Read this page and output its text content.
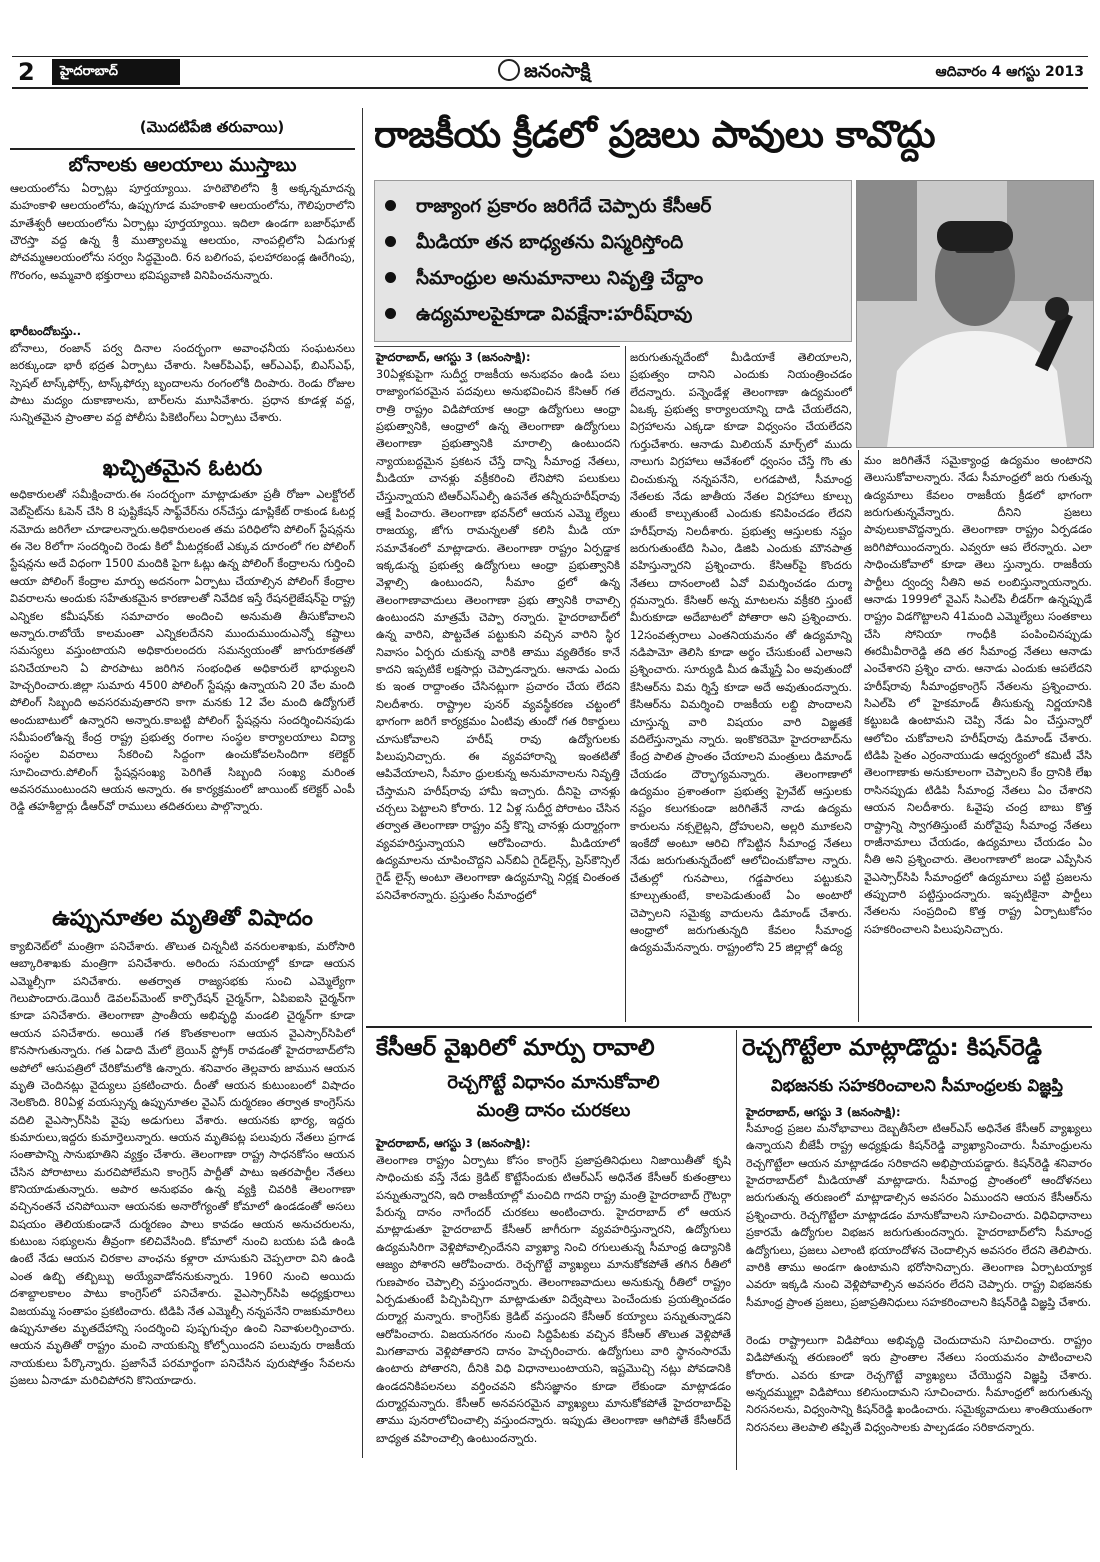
2	హైదరాబాద్	జనంసాక్షి	ఆదివారం 4 ఆగస్టు 2013
(మొదటిపేజి తరువాయి)
బోనాలకు ఆలయాలు ముస్తాబు
ఆలయంలోను ఏర్పాట్లు పూర్తయ్యాయి. హరిబౌలిలోని శ్రీ అక్కన్నమాదన్న మహంకాళి ఆలయంలోను, ఉప్పుగూడ మహంకాళి ఆలయంలోను, గౌలిపురాలోని మాతేశ్వరీ ఆలయంలోను ఏర్పాట్లు పూర్తయ్యాయి. ఇదిలా ఉండగా బజార్‌ఘాట్ చౌరస్తా వద్ద ఉన్న శ్రీ ముత్యాలమ్మ ఆలయం, నాంపల్లిలోని ఏడుగుళ్ల పోచమ్మఆలయంలోను సర్వం సిద్ధమైంది. 6న బలిగంప, ఫలహారబండ్ల ఊరేగింపు, గొరంగం, అమ్మవారి భక్తురాలు భవిష్యవాణి వినిపించనున్నారు.
భారీబందోబస్తు..
బోనాలు, రంజాన్ పర్వ దినాల సందర్భంగా అవాంఛనీయ సంఘటనలు జరక్కుండా భారీ భద్రత ఏర్పాటు చేశారు. సిఆర్‌పిఎఫ్, ఆర్ఎఎఫ్, బిఎస్ఎఫ్, స్పెషల్ టాస్క్‌ఫోర్స్, టాస్క్‌ఫోర్సు బృందాలను రంగంలోకి దింపారు. రెండు రోజుల పాటు మద్యం దుకాణాలను, బార్‌లను మూసివేశారు. ప్రధాన కూడళ్ల వద్ద, సున్నితమైన ప్రాంతాల వద్ద పోలీసు పికెటింగ్‌లు ఏర్పాటు చేశారు.
ఖచ్చితమైన ఓటరు
అధికారులతో సమీక్షించారు.ఈ సందర్భంగా మాట్లాడుతూ ప్రతీ రోజూ ఎలక్టోరల్ వెబ్‌సైట్‌ను ఓపెన్ చేసి 8 పుష్టికేషన్ సాఫ్ట్‌వేర్‌ను రన్‌చేస్తు డూప్లికేట్ రాకుండ ఓటర్ల నమోదు జరిగేలా చూడాలన్నారు.అధికారులంత తమ పరిధిలోని పోలింగ్ స్టేషన్లను ఈ నెల 8లోగా సందర్శించి రెండు కిలో మీటర్లకంటే ఎక్కువ దూరంలో గల పోలింగ్ స్టేషన్లను అదే విధంగా 1500 మందికి పైగా ఓట్లు ఉన్న పోలింగ్ కేంద్రాలను గుర్తించి ఆయా పోలింగ్ కేంద్రాల మార్పు అదనంగా ఏర్పాటు చేయాల్సిన పోలింగ్ కేంద్రాల వివరాలను అందుకు సహేతుకమైన కారణాలతో నివేదిక ఇస్తే రేషనలైజేషన్‌పై రాష్ట్ర ఎన్నికల కమీషన్‌కు సమాచారం అందించి అనుమతి తీసుకోవాలని అన్నారు.రాబోయే కాలమంతా ఎన్నికలదేనని ముందుముందుఎన్నో కష్టాలు సమస్యలు వస్తుంటాయని అధికారులందరు సమన్వయంతో జాగురూకతతో పనిచేయాలని ఏ పొరపాటు జరిగిన సంభంధిత అధికారులే భాధ్యులని హెచ్చరించారు.జిల్లా సుమారు 4500 పోలింగ్ స్టేషన్లు ఉన్నాయని 20 వేల మంది పోలింగ్ సిబ్బంది అవసరమవుతారని కాగా మనకు 12 వేల మంది ఉద్యోగులే అందుబాటులో ఉన్నారని అన్నారు.కాబట్టి పోలింగ్ స్టేషన్లను సందర్శించినపుడు సమీపంలోఉన్న కేంద్ర రాష్ట్ర ప్రభుత్వ రంగాల సంస్థల కార్యాలయాలు విద్యా సంస్థల వివరాలు సేకరించి సిద్దంగా ఉంచుకోవలసిందిగా కలెక్టర్ సూచించారు.పోలింగ్ స్టేషన్లసంఖ్య పెరిగితే సిబ్బంది సంఖ్య మరింత అవసరముంటుందని ఆయన అన్నారు. ఈ కార్యక్రమంలో జాయింట్ కలెక్టర్ ఎంపీ రెడ్డి తహశీల్దార్లు డీఆర్‌వో రాములు తదితరులు పాల్గొన్నారు.
ఉప్పునూతల మృతితో విషాదం
క్యాబినెట్‌లో మంత్రిగా పనిచేశారు. తొలుత చిన్ననీటి వనరులశాఖకు, మరోసారి ఆబ్కారిశాఖకు మంత్రిగా పనిచేశారు. అరిందు సమయాల్లో కూడా ఆయన ఎమ్మెల్సీగా పనిచేశారు. అతర్వాత రాజ్యసభకు సుంచి ఎమ్మెల్యేగా గెలుపొందారు.డెయిరీ డెవలప్‌మెంట్ కార్పొరేషన్ చైర్మన్‌గా, ఏపిఐఐసి చైర్మన్‌గా కూడా పనిచేశారు. తెలంగాణా ప్రాంతీయ అభివృద్ధి మండలి చైర్మన్‌గా కూడా ఆయన పనిచేశారు. అయితే గత కొంతకాలంగా ఆయన వైఎస్సార్‌సిపిలో కొనసాగుతున్నారు. గత ఏడాది మేలో బ్రెయిన్ స్ట్రోక్ రావడంతో హైదరాబాద్‌లోని అపోలో ఆసుపత్రిలో చేరికోమలోకి ఉన్నారు. శనివారం తెల్లవారు జామున ఆయన మృతి చెందినట్లు వైద్యులు ప్రకటించారు. దీంతో ఆయన కుటుంబంలో విషాదం నెలకొంది. 80ఏళ్ల వయస్సున్న ఉప్పునూతల వైఎస్ దుర్మరణం తర్వాత కాంగ్రెస్‌ను వదిలి వైఎస్సార్‌సిపి వైపు అడుగులు వేశారు. ఆయనకు భార్య, ఇద్దరు కుమారులు,ఇద్దరు కుమార్తెలున్నారు. ఆయన మృతిపట్ల పలువురు నేతలు ప్రగాడ సంతాపాన్ని సానుభూతిని వ్యక్తం చేశారు. తెలంగాణా రాష్ట్ర సాధనకోసం ఆయన చేసిన పోరాటాలు మరచిపోలేమని కాంగ్రెస్ పార్టీతో పాటు ఇతరపార్టీల నేతలు కొనియాడుతున్నారు. అపార అనుభవం ఉన్న వ్యక్తి చివరికి తెలంగాణా వచ్చినంతనే చనిపోయినా ఆయనకు అనారోగ్యంతో కోమాలో ఉండడంతో అసలు విషయం తెలియకుండానే దుర్మరణం పాలు కావడం ఆయన అనుచరులను, కుటుంబ సభ్యులను తీవ్రంగా కలిచివేసింది. కోమాలో నుంచి బయట పడి ఉండి ఉంటే నేడు ఆయన చిరకాల వాంఛను కళ్లారా చూసుకుని చెప్పలారా విని ఉండి ఎంత ఉబ్బి తబ్బిబ్బు అయ్యేవాడోననుకున్నారు. 1960 నుంచి అయిదు దశాబ్దాలకాలం పాటు కాంగ్రెస్‌లో పనిచేశారు. వైఎస్సార్‌సిపి అధ్యక్షురాలు విజయమ్మ సంతాపం ప్రకటించారు. టిడిపి నేత ఎమ్మెల్సీ నన్నపనేని రాజకుమారిలు ఉప్పునూతల మృతదేహాన్ని సందర్శించి పుష్పగుచ్ఛం ఉంచి నివాళులర్పించారు. ఆయన మృతితో రాష్ట్రం మంచి నాయకున్ని కోల్పోయిందని పలువురు రాజకీయ నాయకులు పేర్కొన్నారు. ప్రజాసేవే పరమార్థంగా పనిచేసిన పురుషోత్తం సేవలను ప్రజలు ఏనాడూ మరిచిపోరని కొనియాడారు.
రాజకీయ క్రీడలో ప్రజలు పావులు కావొద్దు
రాజ్యాంగ ప్రకారం జరిగేదే చెప్పారు కేసీఆర్
మీడియా తన బాధ్యతను విస్మరిస్తోంది
సీమాంధ్రుల అనుమానాలు నివృత్తి చేద్దాం
ఉద్యమాలపైకూడా వివక్షేనా:హరీష్‌రావు
హైదరాబాద్, ఆగస్టు 3 (జనంసాక్షి):
30ఏళ్లకుపైగా సుదీర్ఘ రాజకీయ అనుభవం ఉండి పలు రాజ్యాంగపరమైన పదవులు అనుభవించిన కేసిఆర్ గత రాత్రి రాష్ట్రం విడిపోయాక ఆంధ్రా ఉద్యోగులు ఆంధ్రా ప్రభుత్వానికి, ఆంధ్రాలో ఉన్న తెలంగాణా ఉద్యోగులు తెలంగాణా ప్రభుత్వానికి మారాల్సి ఉంటుందని న్యాయబద్దమైన ప్రకటన చేస్తే దాన్ని సీమాంధ్ర నేతలు, మీడియా చానళ్లు వక్రీకరించి లేనిపోని పలుకులు చేస్తున్నాయని టిఆర్ఎస్ఎల్పీ ఉపనేత తన్నీరుహరీష్‌రావు ఆక్షే పించారు. తెలంగాణా భవన్‌లో ఆయన ఎమ్మె ల్యేలు రాజయ్య, జోగు రామన్నలతో కలిసి మీడి యా సమావేశంలో మాట్లాడారు. తెలంగాణా రాష్ట్రం ఏర్పడ్డాక ఇక్కడున్న ప్రభుత్వ ఉద్యోగులు ఆంధ్రా ప్రభుత్వానికి వెళ్లాల్సి ఉంటుందని, సీమాం ధ్రలో ఉన్న తెలంగాణావాదులు తెలంగాణా ప్రభు త్వానికి రావాల్సి ఉంటుందని మాత్రమే చెప్పా రన్నారు. హైదరాబాద్‌లో ఉన్న వారిని, పొట్టచేత పట్టుకుని వచ్చిన వారిని స్థిర నివాసం ఏర్పరు చుకున్న వారికి తాము వ్యతిరేకం కానే కాదని ఇప్పటికే లక్షసార్లు చెప్పాడన్నారు. ఆనాడు ఎందు కు ఇంత రాద్దాంతం చేసినట్లుగా ప్రచారం చేయ లేదని నిలదీశారు. రాష్ట్రాల పునర్ వ్యవస్థీకరణ చట్టంలో భాగంగా జరిగే కార్యక్రమం ఏంటివు తుందో గత రికార్డులు చూసుకోవాలని హరీష్ రావు ఉద్యోగులకు పిలుపునిచ్చారు. ఈ వ్యవహారాన్ని ఇంతటితో ఆపివేయాలని, సీమాం ధ్రులకున్న అనుమానాలను నివృత్తి చేస్తామని హరీష్‌రావు హామీ ఇచ్చారు. దీనిపై చానళ్లు చర్చలు పెట్టాలని కోరారు. 12 ఏళ్ల సుదీర్ఘ పోరాటం చేసిన తర్వాత తెలంగాణా రాష్ట్రం వస్తే కొన్ని చానళ్లు దుర్మార్గంగా వ్యవహరిస్తున్నాయని ఆరోపించారు. మీడియాలో ఉద్యమాలను చూపించొద్దని ఎన్‌బిఏ గైడ్‌లైన్స్, ప్రెస్‌కౌన్సిల్ గైడ్ లైన్స్ అంటూ తెలంగాణా ఉద్యమాన్ని నిర్లక్ష చింతంత పనిచేశారన్నారు. ప్రస్తుతం సీమాంధ్రలో
జరుగుతున్నదేంటో మీడియాకే తెలియాలని, ప్రభుత్వం దానిని ఎందుకు నియంత్రించడం లేదన్నారు. పన్నెండేళ్ల తెలంగాణా ఉద్యమంలో ఏఒక్క ప్రభుత్వ కార్యాలయాన్ని దాడి చేయలేదని, విగ్రహాలను ఎక్కడా కూడా విధ్వంసం చేయలేదని గుర్తుచేశారు. ఆనాడు మిలియన్ మార్చ్‌లో ముదు నాలుగు విగ్రహాలు ఆవేశంలో ధ్వంసం చేస్తే గొం తు చించుకున్న నన్నపనేని, లగడపాటి, సీమాంధ్ర నేతలకు నేడు జాతీయ నేతల విగ్రహాలు కూల్చు తుంటే కాల్చుతుంటే ఎందుకు కనిపించడం లేదని హరీష్‌రావు నిలదీశారు. ప్రభుత్వ ఆస్తులకు నష్టం జరుగుతుంటేది సిఎం, డిజిపి ఎందుకు మౌనపాత్ర వహిస్తున్నారని ప్రశ్నించారు. కేసిఆర్‌పై కొందరు నేతలు దానంలాంటి ఏవో విమర్శించడం దుర్మా ర్గమన్నారు. కేసిఆర్ అన్న మాటలను వక్రీకరి స్తుంటే మీరుకూడా అదేబాటలో పోతారా అని ప్రశ్నించారు. 12సంవత్సరాలు ఎంతనియమనం తో ఉద్యమాన్ని నడిపామో తెలిసి కూడా అర్థం చేసుకుంటే ఎలాఅని ప్రశ్నించారు. సూర్యుడి మీద ఉమ్మేస్తే ఏం అవుతుందో కేసిఆర్‌ను విమ ర్శిస్తే కూడా అదే అవుతుందన్నారు. కేసిఆర్‌ను విమర్శించి రాజకీయ లబ్ది పొందాలని చూస్తున్న వారి విషయం వారి విజ్ఞతకే వదిలేస్తున్నామ న్నారు. ఇంకొకరెమో హైదరాబాద్‌ను కేంద్ర పాలిత ప్రాంతం చేయాలని మంత్రులు డిమాండ్ చేయడం దౌర్భాగ్యమన్నారు. తెలంగాణాలో ఉద్యమం ప్రశాంతంగా ప్రభుత్వ ప్రైవేట్ ఆస్తులకు నష్టం కలుగకుండా జరిగితేనే నాడు ఉద్యమ కారులను నక్సలైట్లని, ద్రోహులని, అల్లరి మూకలని ఇంకేదో అంటూ ఆరిచి గోపెట్టిన సీమాంధ్ర నేతలు నేడు జరుగుతున్నదేంటో ఆలోచించుకోవాల న్నారు. చేతుల్లో గునపాలు, గడ్డపారలు పట్టుకుని కూల్చుతుంటే, కాలపెడుతుంటే ఏం అంటారో చెప్పాలని సమైక్య వాదులను డిమాండ్ చేశారు. ఆంధ్రాలో జరుగుతున్నది కేవలం సీమాంధ్ర ఉద్యమమేనన్నారు. రాష్ట్రంలోని 25 జిల్లాల్లో ఉద్య
మం జరిగితేనే సమైక్యాంధ్ర ఉద్యమం అంటారని తెలుసుకోవాలన్నారు. నేడు సీమాంధ్రలో జరు గుతున్న ఉద్యమాలు కేవలం రాజకీయ క్రీడలో భాగంగా జరుగుతున్నవేన్నారు. దీనిని ప్రజలు పావులుకావొద్దన్నారు. తెలంగాణా రాష్ట్రం ఏర్పడడం జరిగిపోయిందన్నారు. ఎవ్వరూ ఆప లేరన్నారు. ఎలా సాధించుకోవాలో కూడా తెలు స్తున్నారు. రాజకీయ పార్టీలు ద్వంద్వ నీతిని అవ లంబిస్తున్నాయన్నారు. ఆనాడు 1999లో వైఎస్ సిఎల్‌పి లీడర్‌గా ఉన్నప్పుడే రాష్ట్రం విడగొట్టాలని 41మంది ఎమ్మెల్యేలు సంతకాలు చేసి సోనియా గాంధీకి పంపించినప్పుడు ఈరమీవీరారెడ్డి తది తర సీమాంధ్ర నేతలు ఆనాడు ఎంచేశారని ప్రశ్నిం చారు. ఆనాడు ఎందుకు ఆపలేదని హరీష్‌రావు సీమాంధ్రకాంగ్రెస్ నేతలను ప్రశ్నించారు. సిఎల్‌పి లో హైకమాండ్ తీసుకున్న నిర్ణయానికి కట్టుబడి ఉంటామని చెప్పి నేడు ఏం చేస్తున్నారో ఆలోచిం చుకోవాలని హరీష్‌రావు డిమాండ్ చేశారు. టిడిపి సైతం ఎర్రంనాయుడు ఆధ్వర్యంలో కమిటీ వేసి తెలంగాణాకు అనుకూలంగా చెప్పాలని కేం ద్రానికి లేఖ రాసినప్పుడు టిడిపి సీమాంధ్ర నేతలు ఏం చేశారని ఆయన నిలదీశారు. ఓవైపు చంద్ర బాబు కొత్త రాష్ట్రాన్ని స్వాగతిస్తుంటే మరోవైపు సీమాంధ్ర నేతలు రాజీనామాలు చేయడం, ఉద్యమాలు చేయడం ఏం నీతి అని ప్రశ్నించారు. తెలంగాణాలో జండా ఎప్పేసిన వైఎస్సార్‌సిపి సీమాంధ్రలో ఉద్యమాలు పట్టి ప్రజలను తప్పుదారి పట్టిస్తుందన్నారు. ఇప్పటికైనా పార్టీలు నేతలను సంప్రదించి కొత్త రాష్ట్ర ఏర్పాటుకోసం సహకరించాలని పిలుపునిచ్చారు.
కేసీఆర్ వైఖరిలో మార్పు రావాలి
రెచ్చగొట్టే విధానం మానుకోవాలి
మంత్రి దానం చురకలు
హైదరాబాద్, ఆగస్టు 3 (జనంసాక్షి):
తెలంగాణ రాష్ట్రం ఏర్పాటు కోసం కాంగ్రెస్ ప్రజాప్రతినిధులు నిజాయితీతో కృషి సాధించుకు వస్తే నేడు క్రెడిట్ కొట్టేసేందుకు టిఆర్ఎస్ అధినేత కేసీఆర్ కుతంత్రాలు పన్నుతున్నారని, ఇది రాజకీయాల్లో మంచిది గాదని రాష్ట్ర మంత్రి హైదరాబాద్ గ్రౌటర్గా పేరున్న దానం నాగేందర్ చురకలు అంటించారు. హైదరాబాద్ లో ఆయన మాట్లాడుతూ హైదరాబాద్ కేసీఆర్ జాగీరుగా వ్యవహరిస్తున్నారని, ఉద్యోగులు ఉద్యమసిరిగా వెళ్లిపోవాల్సిందేనని వ్యాఖ్యా నించి రగులుతున్న సీమాంధ్ర ఉద్యానికి ఆజ్యం పోశారని ఆరోపించారు. రెచ్చగొట్టే వ్యాఖ్యలు మానుకోకపోతే తగిన రీతిలో గుణపాఠం చెప్పాల్సి వస్తుందన్నారు. తెలంగాణవాదులు అనుకున్న రీతిలో రాష్ట్రం ఏర్పడుతుంటే పిచ్చిపిచ్చిగా మాట్లాడుతూ విద్వేషాలు పెంచేందుకు ప్రయత్నించడం దుర్మార్గ మన్నారు. కాంగ్రెస్‌కు క్రెడిట్ వస్తుందని కేసీఆర్ కయ్యాలు పన్నుతున్నాడని ఆరోపించారు. విజయనగరం నుంచి సిద్దిపేటకు వచ్చిన కేసీఆర్ తొలుత వెళ్లిపోతే మిగతావారు వెళ్లిపోతారని దానం హెచ్చరించారు. ఉద్యోగులు వారి స్థానంసారమే ఉంటారు పోతారని, దీనికి విధి విధానాలుంటాయని, ఇష్టమొచ్చి నట్లు పోవడానికి ఉండదనికిపలనలు వర్తించవని కనీసజ్ఞానం కూడా లేకుండా మాట్లాడడం దుర్మార్గమన్నారు. కేసీఆర్ అనవసరమైన వ్యాఖ్యలు మానుకోకపోతే హైదరాబాద్‌పై తాము పునరాలోచించాల్సి వస్తుందన్నారు. ఇప్పుడు తెలంగాణా ఆగిపోతే కేసీఆర్‌దే బాధ్యత వహించాల్సి ఉంటుందన్నారు.
రెచ్చగొట్టేలా మాట్లాడొద్దు: కిషన్‌రెడ్డి
విభజనకు సహకరించాలని సీమాంధ్రలకు విజ్ఞప్తి
హైదరాబాద్, ఆగస్టు 3 (జనంసాక్షి):
సీమాంధ్ర ప్రజల మనోభావాలు దెబ్బతీసేలా టిఆర్ఎస్ అధినేత కేసీఆర్ వ్యాఖ్యలు ఉన్నాయని బీజేపీ రాష్ట్ర అధ్యక్షుడు కిషన్‌రెడ్డి వ్యాఖ్యానించారు. సీమాంధ్రులను రెచ్చగొట్టేలా ఆయన మాట్లాడడం సరికాదని అభిప్రాయపడ్డారు. కిషన్‌రెడ్డి శనివారం హైదరాబాద్‌లో మీడియాతో మాట్లాడారు. సీమాంధ్ర ప్రాంతంలో ఆందోళనలు జరుగుతున్న తరుణంలో మాట్లాడాల్సిన అవసరం ఏముందని ఆయన కేసీఆర్‌ను ప్రశ్నించారు. రెచ్చగొట్టేలా మాట్లాడడం మానుకోవాలని సూచించారు. విధివిధానాలు ప్రకారమే ఉద్యోగుల విభజన జరుగుతుందన్నారు. హైదరాబాద్‌లోని సీమాంధ్ర ఉద్యోగులు, ప్రజలు ఎలాంటి భయాందోళన చెందాల్సిన అవసరం లేదని తెలిపారు. వారికి తాము అండగా ఉంటామని భరోసానిచ్చారు. తెలంగాణ ఏర్పాటయ్యాక ఎవరూ ఇక్కడి నుంచి వెళ్లిపోవాల్సిన అవసరం లేదని చెప్పారు. రాష్ట్ర విభజనకు సీమాంధ్ర ప్రాంత ప్రజలు, ప్రజాప్రతినిధులు సహకరించాలని కిషన్‌రెడ్డి విజ్ఞప్తి చేశారు.
రెండు రాష్ట్రాలుగా విడిపోయి అభివృద్ధి చెందుదామని సూచించారు. రాష్ట్రం విడిపోతున్న తరుణంలో ఇరు ప్రాంతాల నేతలు సంయమనం పాటించాలని కోరారు. ఎవరు కూడా రెచ్చగొట్టే వ్యాఖ్యలు చేయొద్దని విజ్ఞప్తి చేశారు. అన్నదమ్ముల్లా విడిపోయి కలిసుందామని సూచించారు. సీమాంధ్రలో జరుగుతున్న నిరసనలను, విధ్వంసాన్ని కిషన్‌రెడ్డి ఖండించారు. సమైక్యవాదులు శాంతియుతంగా నిరసనలు తెలపాలి తప్పితే విధ్వంసాలకు పాల్పడడం సరికాదన్నారు.
